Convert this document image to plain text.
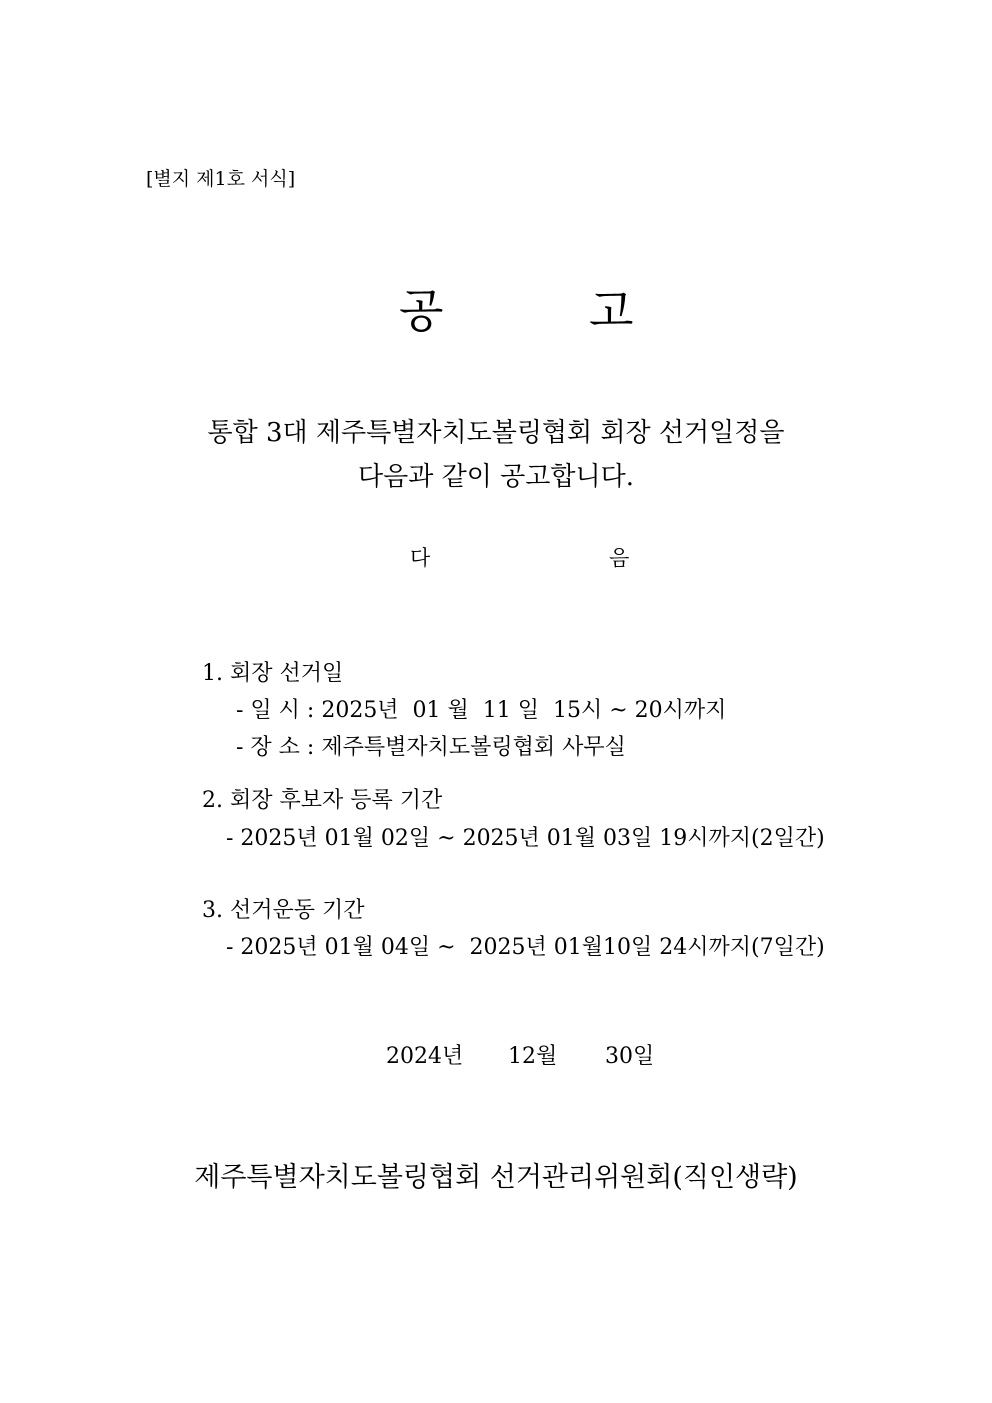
[별지 제1호 서식]

공

	고

통합 3대 제주특별자치도볼링협회 회장 선거일정을
다음과 같이 공고합니다.

다

	음

1. 회장 선거일
- 일 시 : 2025년  01 월  11 일  15시 ~ 20시까지
- 장 소 : 제주특별자치도볼링협회 사무실
2. 회장 후보자 등록 기간
- 2025년 01월 02일 ~ 2025년 01월 03일 19시까지(2일간)
3. 선거운동 기간
- 2025년 01월 04일 ~  2025년 01월10일 24시까지(7일간)

2024년

12월

30일

제주특별자치도볼링협회 선거관리위원회(직인생략)
